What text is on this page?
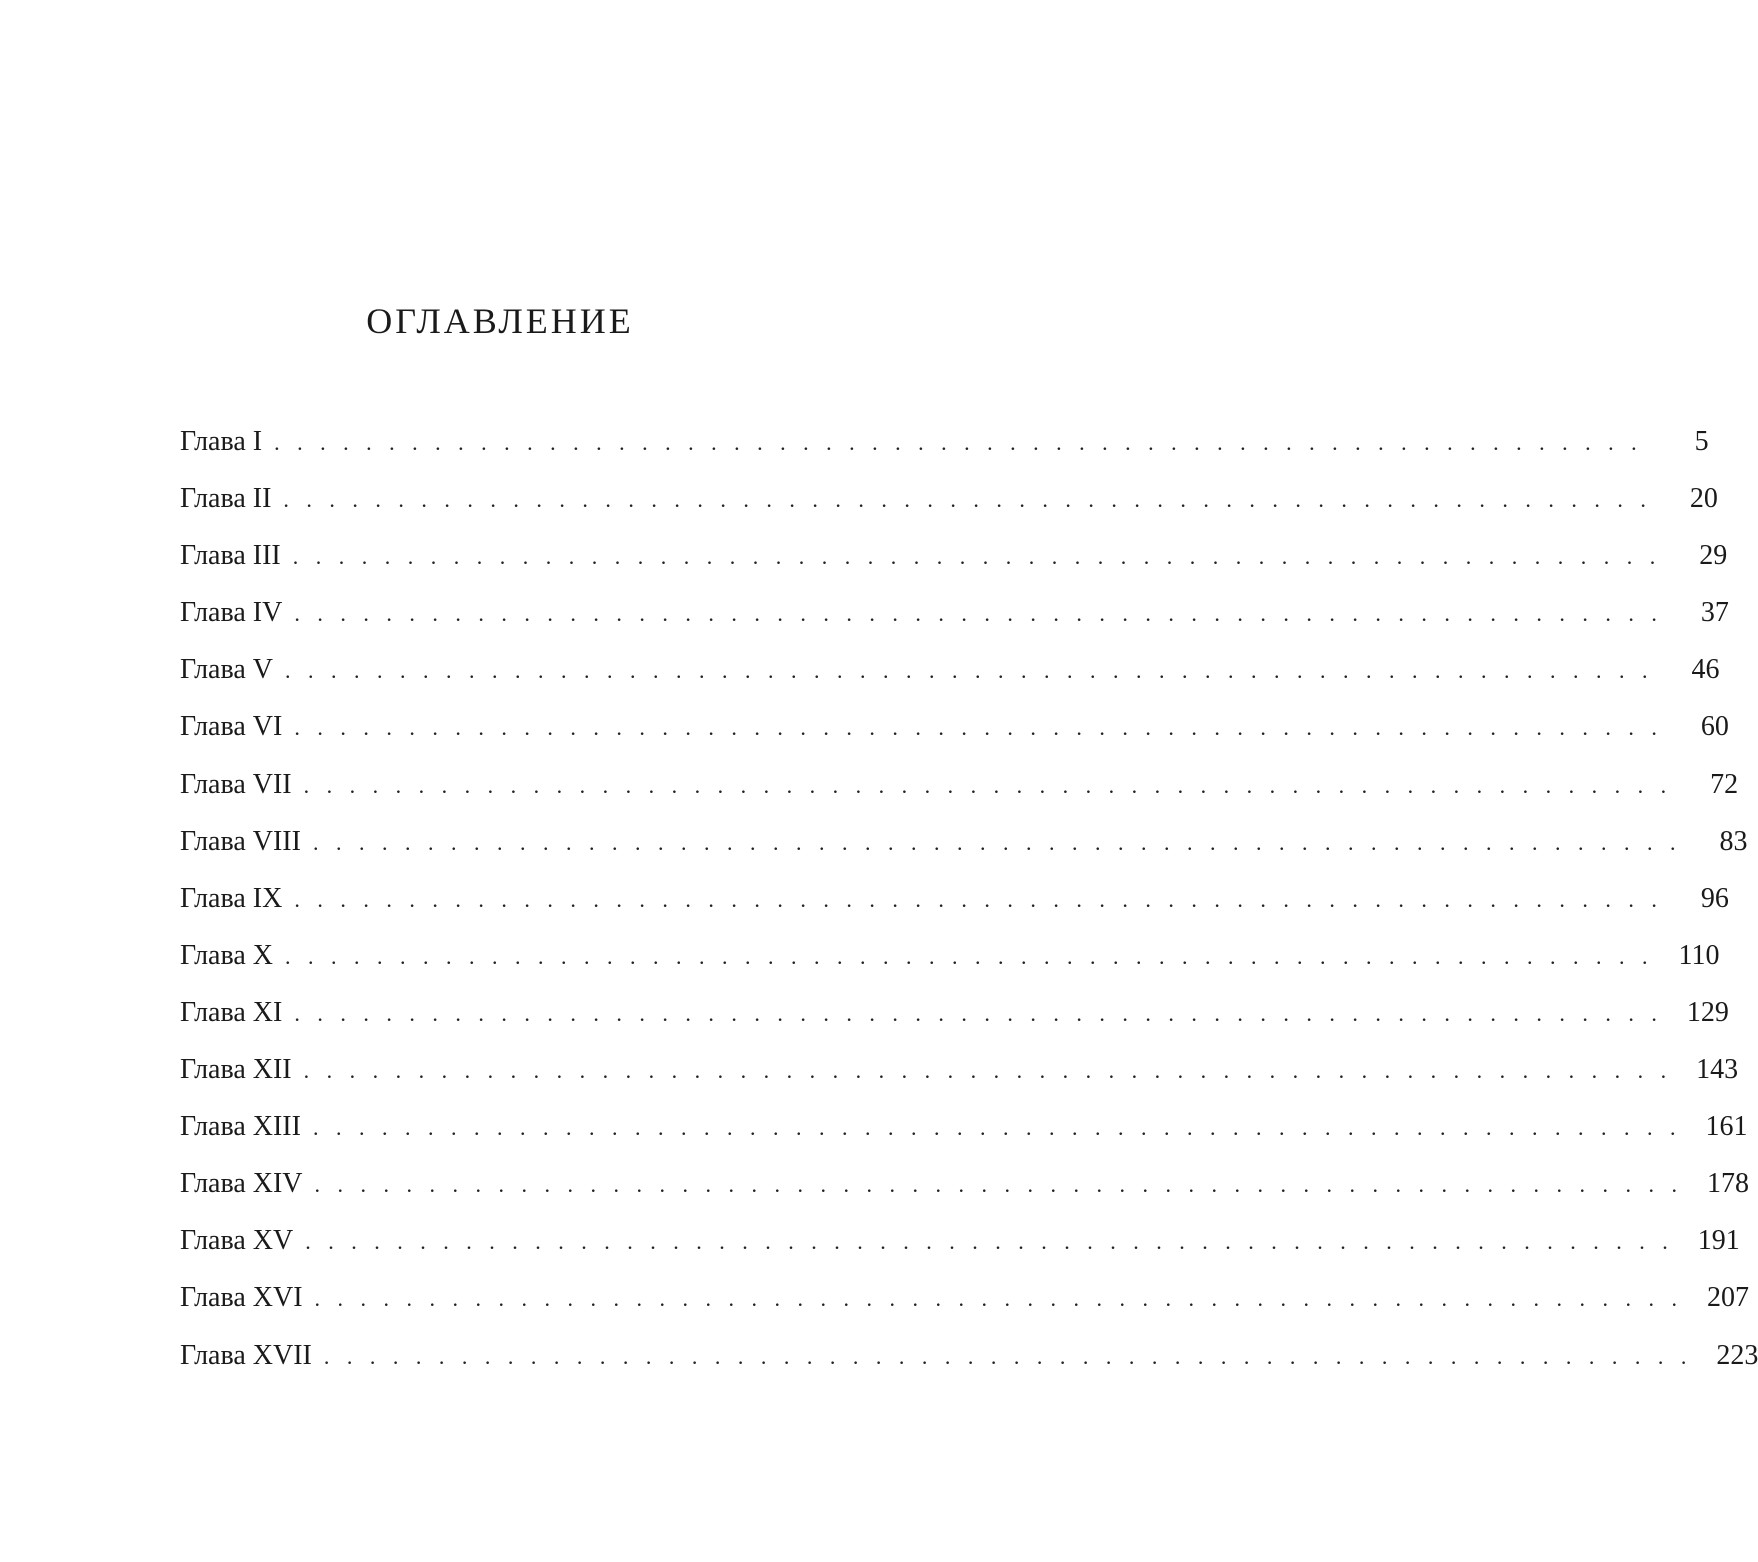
ОГЛАВЛЕНИЕ
Глава I . . . . . . . . . . . . . . . . . . . . . . . . . . . . . . . . . . . . . . . . . . . . . . . . . . . . . . . . . . . .	5
Глава II . . . . . . . . . . . . . . . . . . . . . . . . . . . . . . . . . . . . . . . . . . . . . . . . . . . . . . . . . . . .	20
Глава III . . . . . . . . . . . . . . . . . . . . . . . . . . . . . . . . . . . . . . . . . . . . . . . . . . . . . . . . . . . .	29
Глава IV . . . . . . . . . . . . . . . . . . . . . . . . . . . . . . . . . . . . . . . . . . . . . . . . . . . . . . . . . . . .	37
Глава V . . . . . . . . . . . . . . . . . . . . . . . . . . . . . . . . . . . . . . . . . . . . . . . . . . . . . . . . . . . .	46
Глава VI . . . . . . . . . . . . . . . . . . . . . . . . . . . . . . . . . . . . . . . . . . . . . . . . . . . . . . . . . . . .	60
Глава VII . . . . . . . . . . . . . . . . . . . . . . . . . . . . . . . . . . . . . . . . . . . . . . . . . . . . . . . . . . . .	72
Глава VIII . . . . . . . . . . . . . . . . . . . . . . . . . . . . . . . . . . . . . . . . . . . . . . . . . . . . . . . . . . . .	83
Глава IX . . . . . . . . . . . . . . . . . . . . . . . . . . . . . . . . . . . . . . . . . . . . . . . . . . . . . . . . . . . .	96
Глава X . . . . . . . . . . . . . . . . . . . . . . . . . . . . . . . . . . . . . . . . . . . . . . . . . . . . . . . . . . . . 110
Глава XI . . . . . . . . . . . . . . . . . . . . . . . . . . . . . . . . . . . . . . . . . . . . . . . . . . . . . . . . . . . . 129
Глава XII . . . . . . . . . . . . . . . . . . . . . . . . . . . . . . . . . . . . . . . . . . . . . . . . . . . . . . . . . . . . 143
Глава XIII . . . . . . . . . . . . . . . . . . . . . . . . . . . . . . . . . . . . . . . . . . . . . . . . . . . . . . . . . . . . 161
Глава XIV . . . . . . . . . . . . . . . . . . . . . . . . . . . . . . . . . . . . . . . . . . . . . . . . . . . . . . . . . . . . 178
Глава XV . . . . . . . . . . . . . . . . . . . . . . . . . . . . . . . . . . . . . . . . . . . . . . . . . . . . . . . . . . . . 191
Глава XVI . . . . . . . . . . . . . . . . . . . . . . . . . . . . . . . . . . . . . . . . . . . . . . . . . . . . . . . . . . . . 207
Глава XVII . . . . . . . . . . . . . . . . . . . . . . . . . . . . . . . . . . . . . . . . . . . . . . . . . . . . . . . . . . . . 223
